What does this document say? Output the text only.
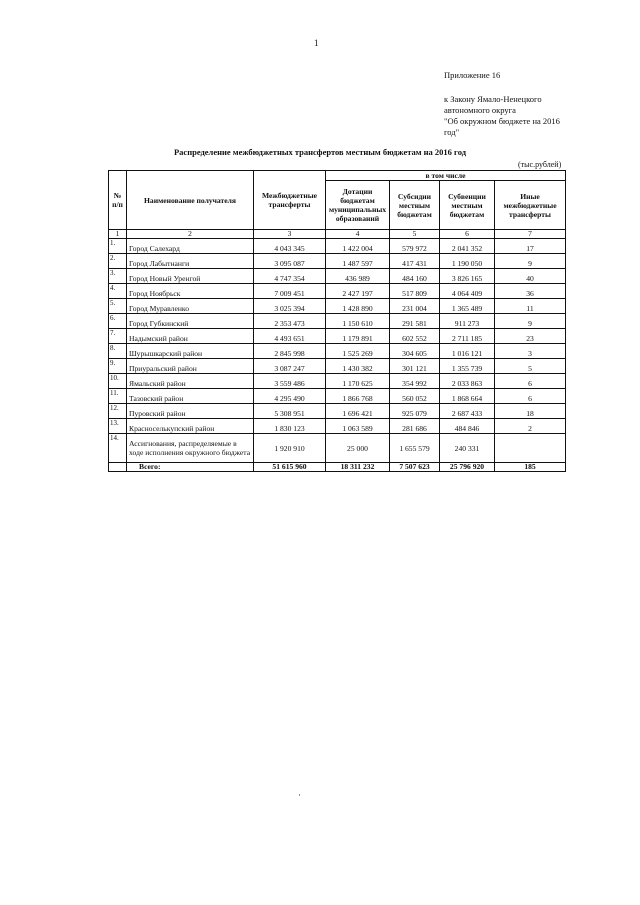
1
Приложение 16
к Закону Ямало-Ненецкого
автономного округа
"Об окружном бюджете на 2016
год"
Распределение межбюджетных трансфертов местным бюджетам на 2016 год
(тыс.рублей)
№ п/п	Наименование получателя	Межбюджетные трансферты	в том числе			
			Дотации бюджетам муниципальных образований	Субсидии местным бюджетам	Субвенции местным бюджетам	Иные межбюджетные трансферты
1	2	3	4	5	6	7
1.	Город Салехард	4 043 345	1 422 004	579 972	2 041 352	17
2.	Город Лабытнанги	3 095 087	1 487 597	417 431	1 190 050	9
3.	Город Новый Уренгой	4 747 354	436 989	484 160	3 826 165	40
4.	Город Ноябрьск	7 009 451	2 427 197	517 809	4 064 409	36
5.	Город Муравленко	3 025 394	1 428 890	231 004	1 365 489	11
6.	Город Губкинский	2 353 473	1 150 610	291 581	911 273	9
7.	Надымский район	4 493 651	1 179 891	602 552	2 711 185	23
8.	Шурышкарский район	2 845 998	1 525 269	304 605	1 016 121	3
9.	Приуральский район	3 087 247	1 430 382	301 121	1 355 739	5
10.	Ямальский район	3 559 486	1 170 625	354 992	2 033 863	6
11.	Тазовский район	4 295 490	1 866 768	560 052	1 868 664	6
12.	Пуровский район	5 308 951	1 696 421	925 079	2 687 433	18
13.	Красноселькупский район	1 830 123	1 063 589	281 686	484 846	2
14.	Ассигнования, распределяемые в ходе исполнения окружного бюджета	1 920 910	25 000	1 655 579	240 331	
	Всего:	51 615 960	18 311 232	7 507 623	25 796 920	185
·
